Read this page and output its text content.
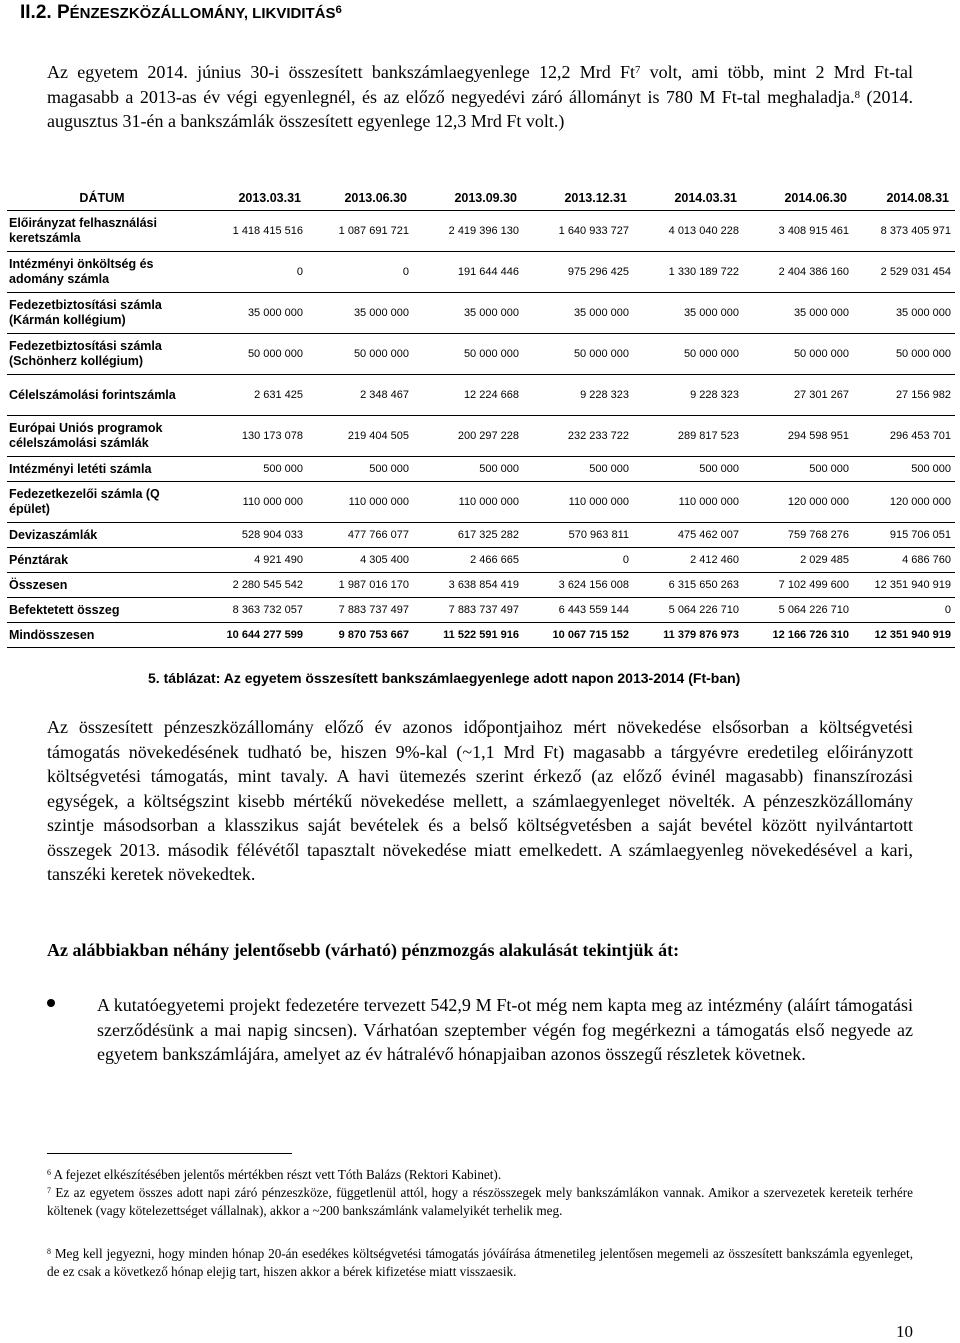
II.2. PÉNZESZKÖZÁLLOMÁNY, LIKVIDITÁS$^6$

Az egyetem 2014. június 30-i összesített bankszámlaegyenlege 12,2 Mrd Ft$^7$ volt, ami több, mint 2 Mrd Ft-tal magasabb a 2013-as év végi egyenlegnél, és az előző negyedévi záró állományt is 780 M Ft-tal meghaladja.$^8$ (2014. augusztus 31-én a bankszámlák összesített egyenlege 12,3 Mrd Ft volt.)

DÁTUM	2013.03.31	2013.06.30	2013.09.30	2013.12.31	2014.03.31	2014.06.30	2014.08.31
Előirányzat felhasználási keretszámla	1 418 415 516	1 087 691 721	2 419 396 130	1 640 933 727	4 013 040 228	3 408 915 461	8 373 405 971
Intézményi önköltség és adomány számla	0	0	191 644 446	975 296 425	1 330 189 722	2 404 386 160	2 529 031 454
Fedezetbiztosítási számla (Kármán kollégium)	35 000 000	35 000 000	35 000 000	35 000 000	35 000 000	35 000 000	35 000 000
Fedezetbiztosítási számla (Schönherz kollégium)	50 000 000	50 000 000	50 000 000	50 000 000	50 000 000	50 000 000	50 000 000
Célelszámolási forintszámla	2 631 425	2 348 467	12 224 668	9 228 323	9 228 323	27 301 267	27 156 982
Európai Uniós programok célelszámolási számlák	130 173 078	219 404 505	200 297 228	232 233 722	289 817 523	294 598 951	296 453 701
Intézményi letéti számla	500 000	500 000	500 000	500 000	500 000	500 000	500 000
Fedezetkezelői számla (Q épület)	110 000 000	110 000 000	110 000 000	110 000 000	110 000 000	120 000 000	120 000 000
Devizaszámlák	528 904 033	477 766 077	617 325 282	570 963 811	475 462 007	759 768 276	915 706 051
Pénztárak	4 921 490	4 305 400	2 466 665	0	2 412 460	2 029 485	4 686 760
Összesen	2 280 545 542	1 987 016 170	3 638 854 419	3 624 156 008	6 315 650 263	7 102 499 600	12 351 940 919
Befektetett összeg	8 363 732 057	7 883 737 497	7 883 737 497	6 443 559 144	5 064 226 710	5 064 226 710	0
Mindösszesen	10 644 277 599	9 870 753 667	11 522 591 916	10 067 715 152	11 379 876 973	12 166 726 310	12 351 940 919

5. táblázat: Az egyetem összesített bankszámlaegyenlege adott napon 2013-2014 (Ft-ban)

Az összesített pénzeszközállomány előző év azonos időpontjaihoz mért növekedése elsősorban a költségvetési támogatás növekedésének tudható be, hiszen 9%-kal (~1,1 Mrd Ft) magasabb a tárgyévre eredetileg előirányzott költségvetési támogatás, mint tavaly. A havi ütemezés szerint érkező (az előző évinél magasabb) finanszírozási egységek, a költségszint kisebb mértékű növekedése mellett, a számlaegyenleget növelték. A pénzeszközállomány szintje másodsorban a klasszikus saját bevételek és a belső költségvetésben a saját bevétel között nyilvántartott összegek 2013. második félévétől tapasztalt növekedése miatt emelkedett. A számlaegyenleg növekedésével a kari, tanszéki keretek növekedtek.

Az alábbiakban néhány jelentősebb (várható) pénzmozgás alakulását tekintjük át:

A kutatóegyetemi projekt fedezetére tervezett 542,9 M Ft-ot még nem kapta meg az intézmény (aláírt támogatási szerződésünk a mai napig sincsen). Várhatóan szeptember végén fog megérkezni a támogatás első negyede az egyetem bankszámlájára, amelyet az év hátralévő hónapjaiban azonos összegű részletek követnek.

$^6$ A fejezet elkészítésében jelentős mértékben részt vett Tóth Balázs (Rektori Kabinet).

$^7$ Ez az egyetem összes adott napi záró pénzeszköze, függetlenül attól, hogy a részösszegek mely bankszámlákon vannak. Amikor a szervezetek kereteik terhére költenek (vagy kötelezettséget vállalnak), akkor a ~200 bankszámlánk valamelyikét terhelik meg.

$^8$ Meg kell jegyezni, hogy minden hónap 20-án esedékes költségvetési támogatás jóváírása átmenetileg jelentősen megemeli az összesített bankszámla egyenleget, de ez csak a következő hónap elejig tart, hiszen akkor a bérek kifizetése miatt visszaesik.

10
